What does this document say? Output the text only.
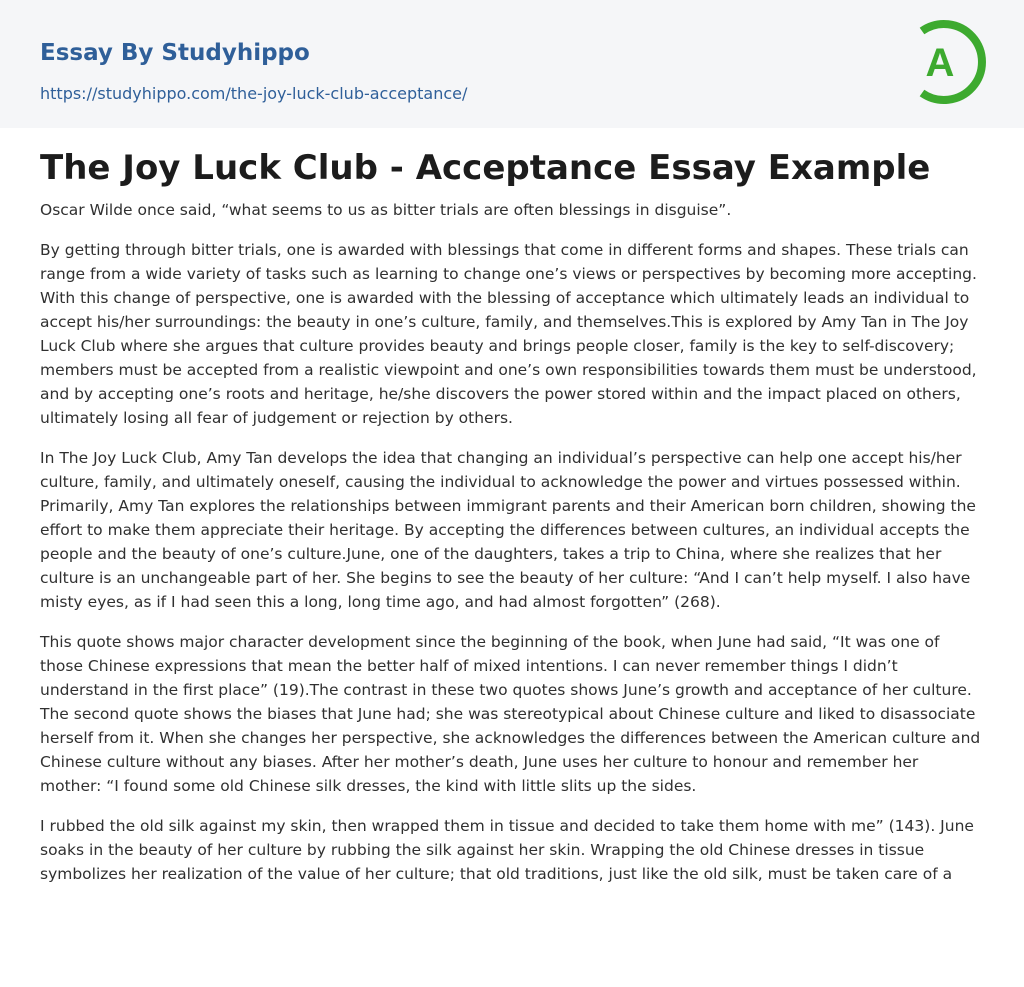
Essay By Studyhippo
https://studyhippo.com/the-joy-luck-club-acceptance/
A
The Joy Luck Club - Acceptance Essay Example

Oscar Wilde once said, “what seems to us as bitter trials are often blessings in disguise”.

By getting through bitter trials, one is awarded with blessings that come in different forms and shapes. These trials can range from a wide variety of tasks such as learning to change one’s views or perspectives by becoming more accepting. With this change of perspective, one is awarded with the blessing of acceptance which ultimately leads an individual to accept his/her surroundings: the beauty in one’s culture, family, and themselves.This is explored by Amy Tan in The Joy Luck Club where she argues that culture provides beauty and brings people closer, family is the key to self-discovery; members must be accepted from a realistic viewpoint and one’s own responsibilities towards them must be understood, and by accepting one’s roots and heritage, he/she discovers the power stored within and the impact placed on others, ultimately losing all fear of judgement or rejection by others.

In The Joy Luck Club, Amy Tan develops the idea that changing an individual’s perspective can help one accept his/her culture, family, and ultimately oneself, causing the individual to acknowledge the power and virtues possessed within. Primarily, Amy Tan explores the relationships between immigrant parents and their American born children, showing the effort to make them appreciate their heritage. By accepting the differences between cultures, an individual accepts the people and the beauty of one’s culture.June, one of the daughters, takes a trip to China, where she realizes that her culture is an unchangeable part of her. She begins to see the beauty of her culture: “And I can’t help myself. I also have misty eyes, as if I had seen this a long, long time ago, and had almost forgotten” (268).

This quote shows major character development since the beginning of the book, when June had said, “It was one of those Chinese expressions that mean the better half of mixed intentions. I can never remember things I didn’t understand in the first place” (19).The contrast in these two quotes shows June’s growth and acceptance of her culture. The second quote shows the biases that June had; she was stereotypical about Chinese culture and liked to disassociate herself from it. When she changes her perspective, she acknowledges the differences between the American culture and Chinese culture without any biases. After her mother’s death, June uses her culture to honour and remember her mother: “I found some old Chinese silk dresses, the kind with little slits up the sides.

I rubbed the old silk against my skin, then wrapped them in tissue and decided to take them home with me” (143). June soaks in the beauty of her culture by rubbing the silk against her skin. Wrapping the old Chinese dresses in tissue symbolizes her realization of the value of her culture; that old traditions, just like the old silk, must be taken care of a
